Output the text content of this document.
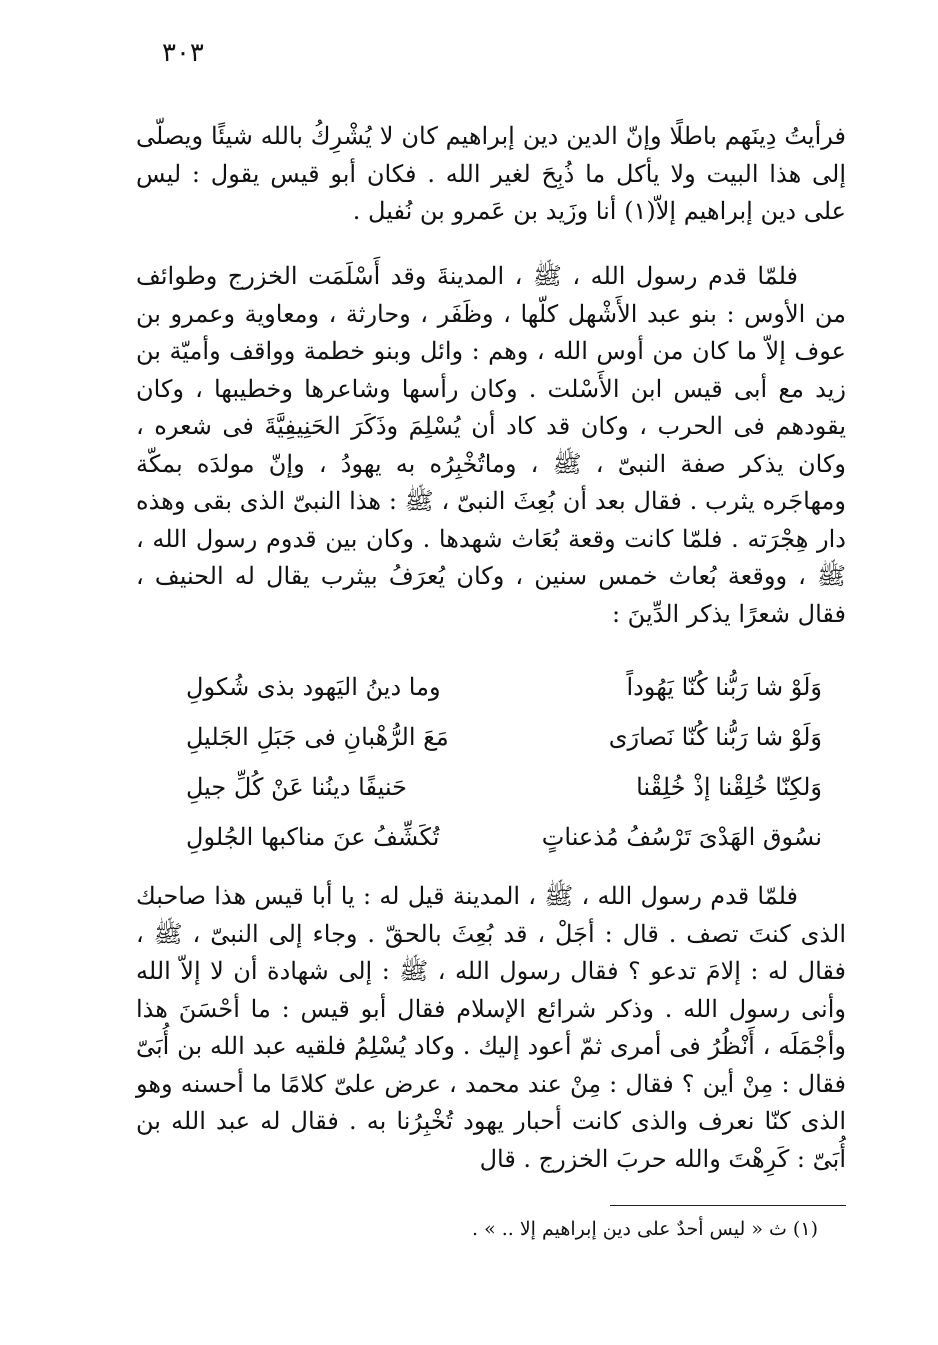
٣٠٣

فرأيتُ دِينَهم باطلًا وإنّ الدين دين إبراهيم كان لا يُشْرِكُ بالله شيئًا ويصلّى إلى هذا البيت ولا يأكل ما ذُبِحَ لغير الله . فكان أبو قيس يقول : ليس على دين إبراهيم إلاّ(١) أنا وزَيد بن عَمرو بن نُفيل .

فلمّا قدم رسول الله ، ﷺ ، المدينةَ وقد أَسْلَمَت الخزرج وطوائف من الأوس : بنو عبد الأَشْهل كلّها ، وظَفَر ، وحارثة ، ومعاوية وعمرو بن عوف إلاّ ما كان من أوس الله ، وهم : وائل وبنو خطمة وواقف وأميّة بن زيد مع أبى قيس ابن الأَسْلت . وكان رأسها وشاعرها وخطيبها ، وكان يقودهم فى الحرب ، وكان قد كاد أن يُسْلِمَ وذَكَرَ الحَنِيفِيَّةَ فى شعره ، وكان يذكر صفة النبىّ ، ﷺ ، وماتُخْبِرُه به يهودُ ، وإنّ مولدَه بمكّة ومهاجَره يثرب . فقال بعد أن بُعِثَ النبىّ ، ﷺ : هذا النبىّ الذى بقى وهذه دار هِجْرَته . فلمّا كانت وقعة بُعَاث شهدها . وكان بين قدوم رسول الله ، ﷺ ، ووقعة بُعاث خمس سنين ، وكان يُعرَفُ بيثرب يقال له الحنيف ، فقال شعرًا يذكر الدِّينَ :

وَلَوْ شا رَبُّنا كُنّا يَهُوداً
وما دينُ اليَهود بذى شُكولِ
وَلَوْ شا رَبُّنا كُنّا نَصارَى
مَعَ الرُّهْبانِ فى جَبَلِ الجَليلِ
وَلكِنّا خُلِقْنا إذْ خُلِقْنا
حَنيفًا دينُنا عَنْ كُلِّ جيلِ
نسُوق الهَدْىَ تَرْسُفُ مُذعناتٍ
تُكَشِّفُ عنَ مناكبها الجُلولِ

فلمّا قدم رسول الله ، ﷺ ، المدينة قيل له : يا أبا قيس هذا صاحبك الذى كنتَ تصف . قال : أجَلْ ، قد بُعِثَ بالحقّ . وجاء إلى النبىّ ، ﷺ ، فقال له : إلامَ تدعو ؟ فقال رسول الله ، ﷺ : إلى شهادة أن لا إلاّ الله وأنى رسول الله . وذكر شرائع الإسلام فقال أبو قيس : ما أحْسَنَ هذا وأجْمَلَه ، أَنْظُرُ فى أمرى ثمّ أعود إليك . وكاد يُسْلِمُ فلقيه عبد الله بن أُبَىّ فقال : مِنْ أين ؟ فقال : مِنْ عند محمد ، عرض علىّ كلامًا ما أحسنه وهو الذى كنّا نعرف والذى كانت أحبار يهود تُخْبِرُنا به . فقال له عبد الله بن أُبَىّ : كَرِهْتَ والله حربَ الخزرج . قال

(١) ث « ليس أحدٌ على دين إبراهيم إلا .. » .
